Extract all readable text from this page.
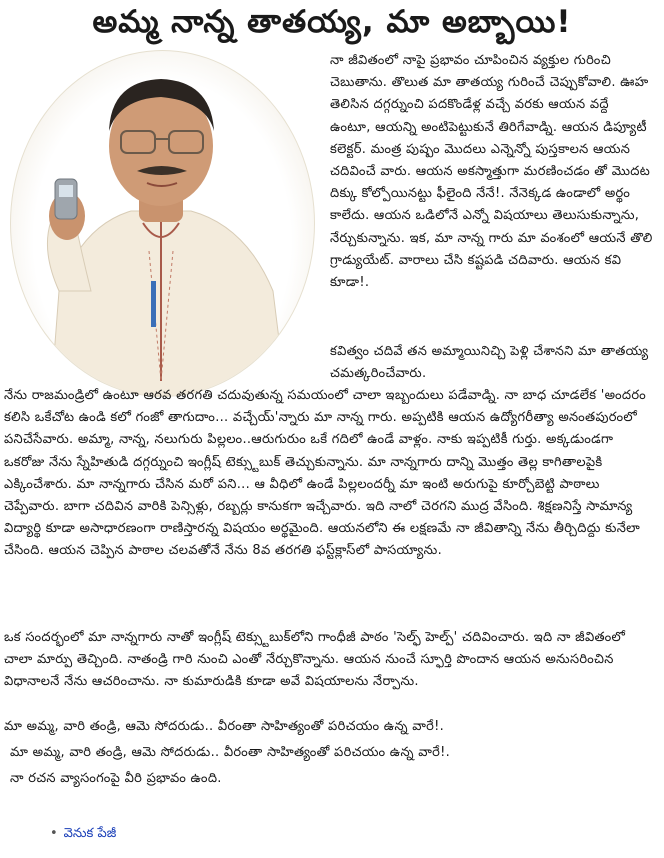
అమ్మ నాన్న తాతయ్య, మా అబ్బాయి!

నా జీవితంలో నాపై ప్రభావం చూపించిన వ్యక్తుల గురించి చెబుతాను. తొలుత మా తాతయ్య గురించే చెప్పుకోవాలి. ఊహ తెలిసిన దగ్గర్నుంచి పదకొండేళ్ల వచ్చే వరకు ఆయన వద్దే ఉంటూ, ఆయన్ని అంటిపెట్టుకునే తిరిగేవాడ్ని. ఆయన డిప్యూటీ కలెక్టర్. మంత్ర పుష్పం మొదలు ఎన్నెన్నో పుస్తకాలన ఆయన చదివించే వారు. ఆయన అకస్మాత్తుగా మరణించడం తో మొదట దిక్కు కోల్పోయినట్టు ఫీలైంది నేనే!. నేనెక్కడ ఉండాలో అర్థం కాలేదు. ఆయన ఒడిలోనే ఎన్నో విషయాలు తెలుసుకున్నాను, నేర్చుకున్నాను. ఇక, మా నాన్న గారు మా వంశంలో ఆయనే తొలి గ్రాడ్యుయేట్. వారాలు చేసి కష్టపడి చదివారు. ఆయన కవి కూడా!.

కవిత్వం చదివే తన అమ్మాయినిచ్చి పెళ్లి చేశానని మా తాతయ్య చమత్కరించేవారు.

నేను రాజమండ్రిలో ఉంటూ ఆరవ తరగతి చదువుతున్న సమయంలో చాలా ఇబ్బందులు పడేవాడ్ని. నా బాధ చూడలేక 'అందరం కలిసి ఒకేచోట ఉండి కలో గంజో తాగుదాం... వచ్చేయ్'న్నారు మా నాన్న గారు. అప్పటికి ఆయన ఉద్యోగరీత్యా అనంతపురంలో పనిచేసేవారు. అమ్మా, నాన్న, నలుగురు పిల్లలం..ఆరుగురుం ఒకే గదిలో ఉండే వాళ్లం. నాకు ఇప్పటికీ గుర్తు. అక్కడుండగా ఒకరోజు నేను స్నేహితుడి దగ్గర్నుంచి ఇంగ్లీష్ టెక్స్టుబుక్ తెచ్చుకున్నాను. మా నాన్నగారు దాన్ని మొత్తం తెల్ల కాగితాలపైకి ఎక్కించేశారు. మా నాన్నగారు చేసిన మరో పని... ఆ వీధిలో ఉండే పిల్లలందర్నీ మా ఇంటి అరుగుపై కూర్చోబెట్టి పాఠాలు చెప్పేవారు. బాగా చదివిన వారికి పెన్సిళ్లు, రబ్బర్లు కానుకగా ఇచ్చేవారు. ఇది నాలో చెరగని ముద్ర వేసింది. శిక్షణనిస్తే సామాన్య విద్యార్థి కూడా అసాధారణంగా రాణిస్తారన్న విషయం అర్థమైంది. ఆయనలోని ఈ లక్షణమే నా జీవితాన్ని నేను తీర్చిదిద్దు కునేలా చేసింది. ఆయన చెప్పిన పాఠాల చలవతోనే నేను 8వ తరగతి ఫస్ట్‌క్లాస్‌లో పాసయ్యాను.

ఒక సందర్భంలో మా నాన్నగారు నాతో ఇంగ్లీష్ టెక్స్టుబుక్‌లోని గాంధీజీ పాఠం 'సెల్ఫ్ హెల్ప్' చదివించారు. ఇది నా జీవితంలో చాలా మార్పు తెచ్చింది. నాతండ్రి గారి నుంచి ఎంతో నేర్చుకొన్నాను. ఆయన నుంచే స్ఫూర్తి పొందాన ఆయన అనుసరించిన విధానాలనే నేను ఆచరించాను. నా కుమారుడికి కూడా అవే విషయాలను నేర్పాను.

మా అమ్మ, వారి తండ్రి, ఆమె సోదరుడు.. వీరంతా సాహిత్యంతో పరిచయం ఉన్న వారే!.

మా అమ్మ, వారి తండ్రి, ఆమె సోదరుడు.. వీరంతా సాహిత్యంతో పరిచయం ఉన్న వారే!.

నా రచన వ్యాసంగంపై వీరి ప్రభావం ఉంది.

• వెనుక పేజీ
